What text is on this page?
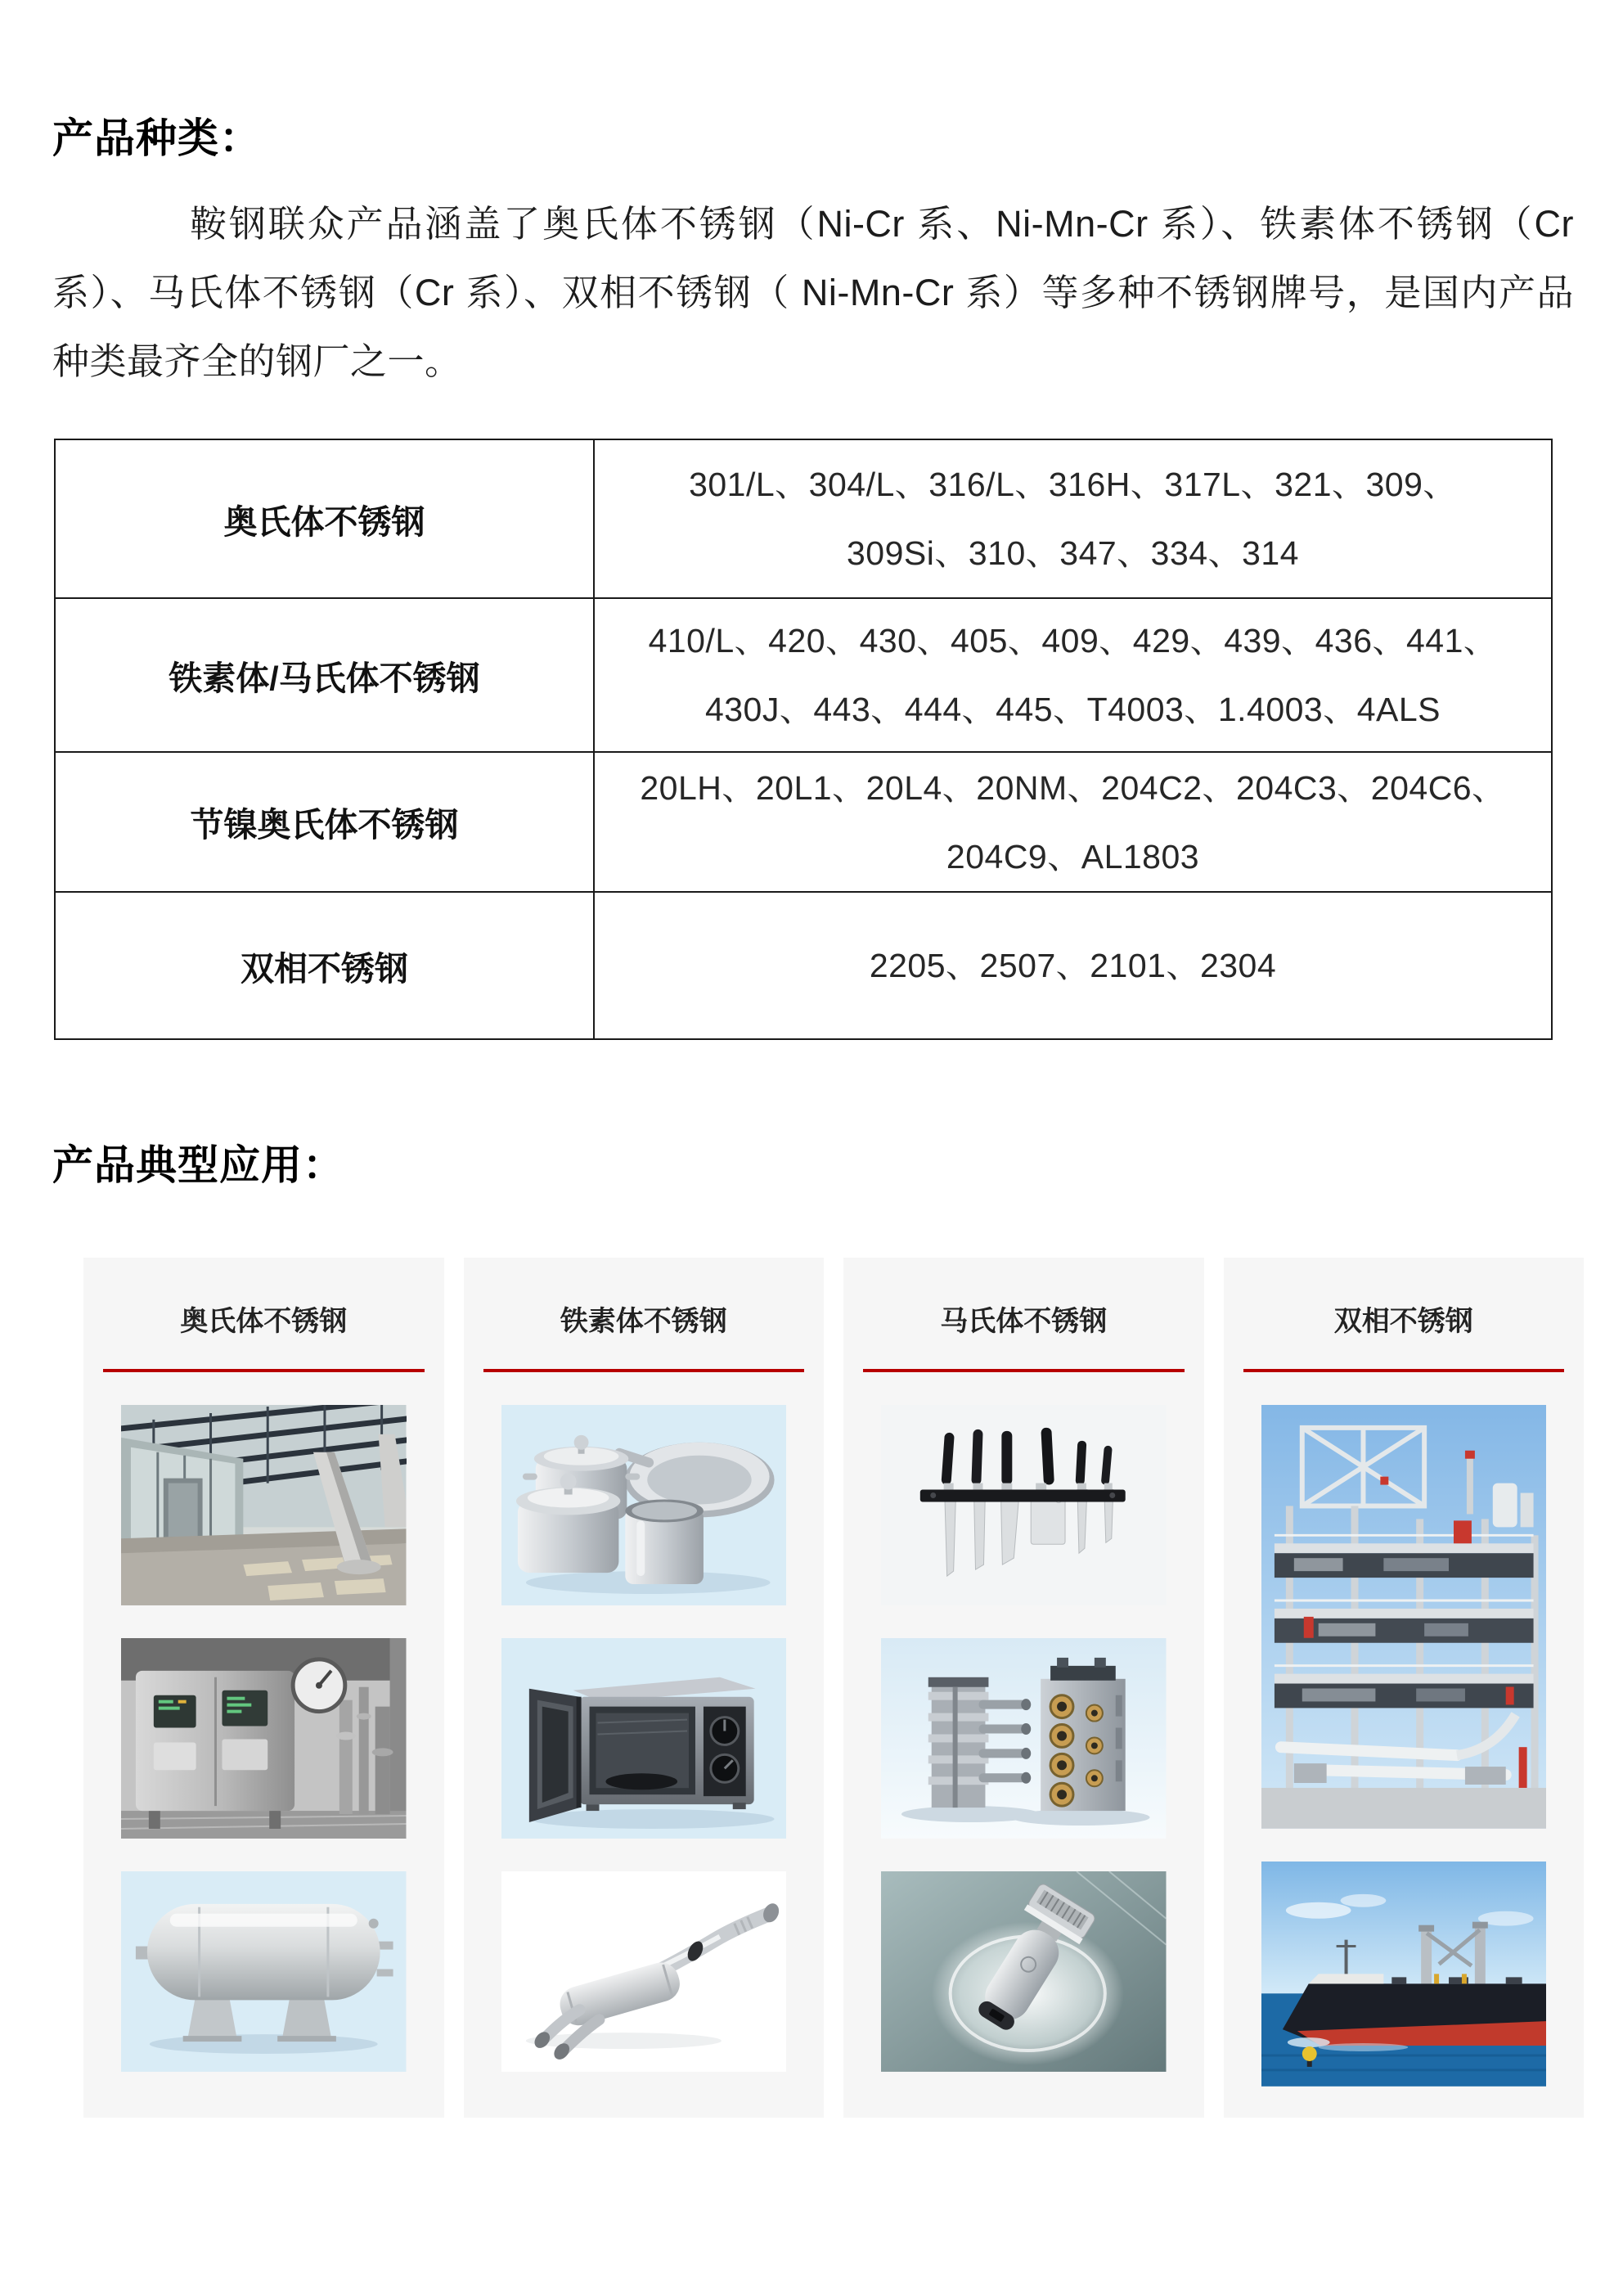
产品种类：
鞍钢联众产品涵盖了奥氏体不锈钢（Ni-Cr 系、Ni-Mn-Cr 系）、铁素体不锈钢（Cr 系）、马氏体不锈钢（Cr 系）、双相不锈钢（ Ni-Mn-Cr 系）等多种不锈钢牌号，是国内产品种类最齐全的钢厂之一。
奥氏体不锈钢	301/L、304/L、316/L、316H、317L、321、309、
309Si、310、347、334、314

铁素体/马氏体不锈钢	410/L、420、430、405、409、429、439、436、441、
430J、443、444、445、T4003、1.4003、4ALS

节镍奥氏体不锈钢	20LH、20L1、20L4、20NM、204C2、204C3、204C6、
204C9、AL1803

双相不锈钢	2205、2507、2101、2304
产品典型应用：
奥氏体不锈钢	铁素体不锈钢	马氏体不锈钢	双相不锈钢
